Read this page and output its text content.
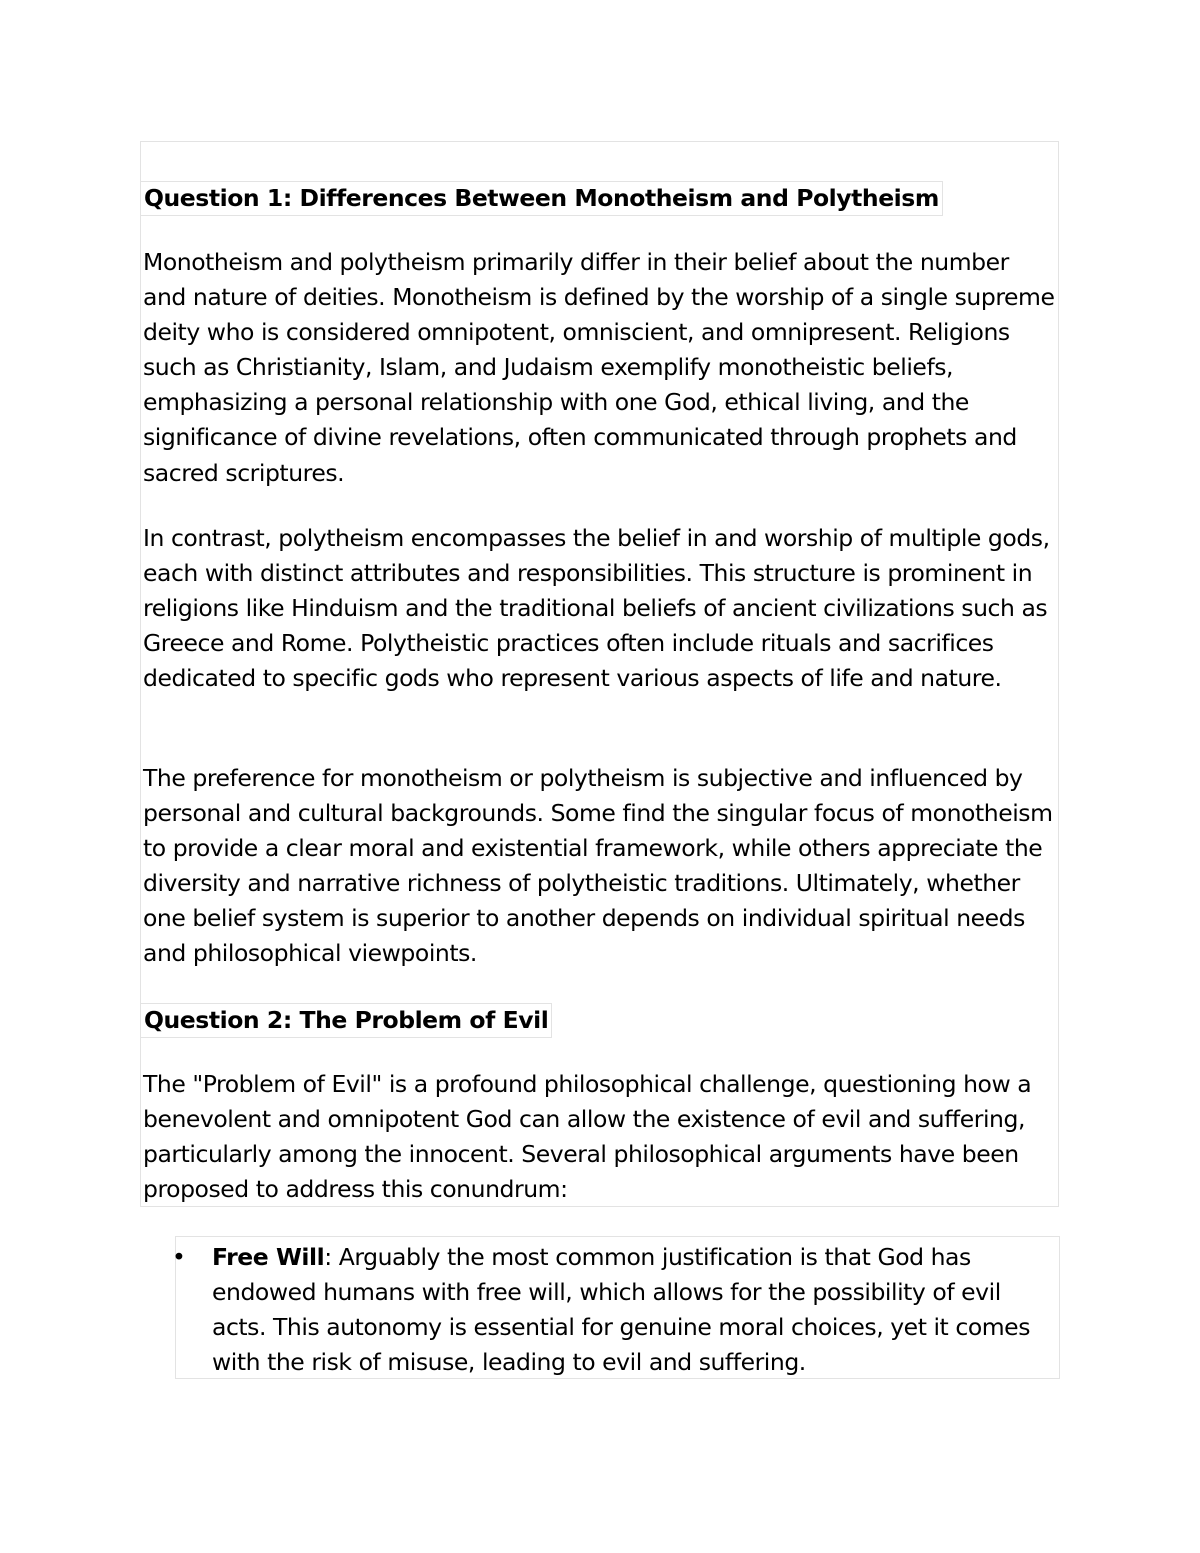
Question 1: Differences Between Monotheism and Polytheism

Monotheism and polytheism primarily differ in their belief about the number and nature of deities. Monotheism is defined by the worship of a single supreme deity who is considered omnipotent, omniscient, and omnipresent. Religions such as Christianity, Islam, and Judaism exemplify monotheistic beliefs, emphasizing a personal relationship with one God, ethical living, and the significance of divine revelations, often communicated through prophets and sacred scriptures.

In contrast, polytheism encompasses the belief in and worship of multiple gods, each with distinct attributes and responsibilities. This structure is prominent in religions like Hinduism and the traditional beliefs of ancient civilizations such as Greece and Rome. Polytheistic practices often include rituals and sacrifices dedicated to specific gods who represent various aspects of life and nature.

The preference for monotheism or polytheism is subjective and influenced by personal and cultural backgrounds. Some find the singular focus of monotheism to provide a clear moral and existential framework, while others appreciate the diversity and narrative richness of polytheistic traditions. Ultimately, whether one belief system is superior to another depends on individual spiritual needs and philosophical viewpoints.

Question 2: The Problem of Evil

The "Problem of Evil" is a profound philosophical challenge, questioning how a benevolent and omnipotent God can allow the existence of evil and suffering, particularly among the innocent. Several philosophical arguments have been proposed to address this conundrum:

• Free Will: Arguably the most common justification is that God has endowed humans with free will, which allows for the possibility of evil acts. This autonomy is essential for genuine moral choices, yet it comes with the risk of misuse, leading to evil and suffering.
